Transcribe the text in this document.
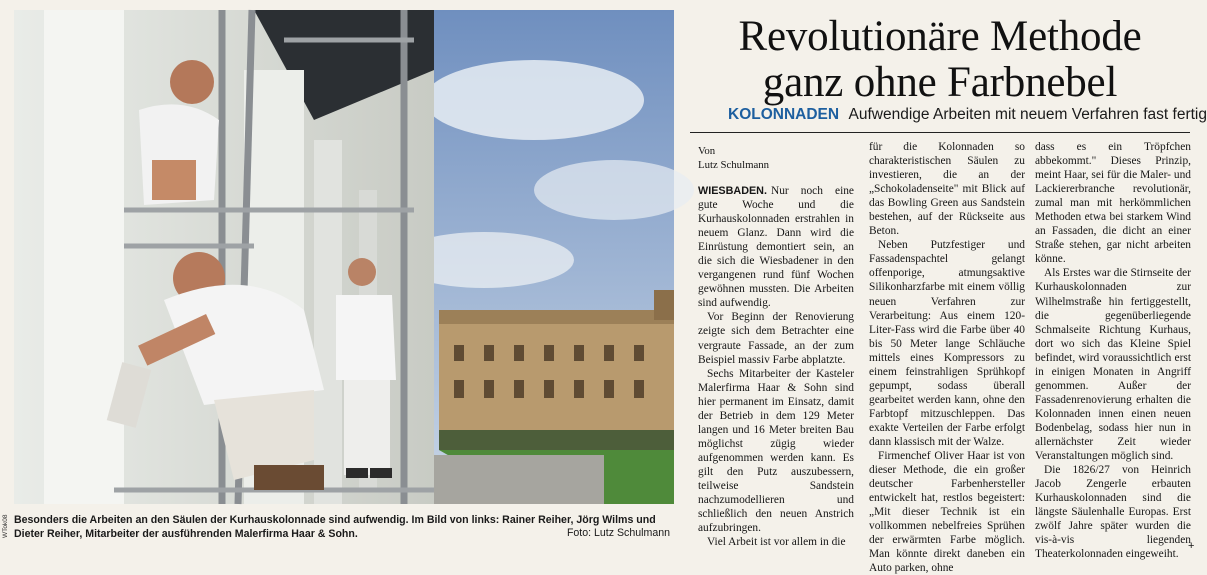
WTok08 Besonders die Arbeiten an den Säulen der Kurhauskolonnade sind aufwendig. Im Bild von links: Rainer Reiher, Jörg Wilms und Dieter Reiher, Mitarbeiter der ausführenden Malerfirma Haar & Sohn.	Foto: Lutz Schulmann
Revolutionäre Methode
ganz ohne Farbnebel
KOLONNADEN Aufwendige Arbeiten mit neuem Verfahren fast fertig

Von
Lutz Schulmann

WIESBADEN. Nur noch eine gute Woche und die Kurhauskolonnaden erstrahlen in neuem Glanz. Dann wird die Einrüstung demontiert sein, an die sich die Wiesbadener in den vergangenen rund fünf Wochen gewöhnen mussten. Die Arbeiten sind aufwendig.

Vor Beginn der Renovierung zeigte sich dem Betrachter eine vergraute Fassade, an der zum Beispiel massiv Farbe abplatzte.

Sechs Mitarbeiter der Kasteler Malerfirma Haar & Sohn sind hier permanent im Einsatz, damit der Betrieb in dem 129 Meter langen und 16 Meter breiten Bau möglichst zügig wieder aufgenommen werden kann. Es gilt den Putz auszubessern, teilweise Sandstein nachzumodellieren und schließlich den neuen Anstrich aufzubringen.

Viel Arbeit ist vor allem in die

für die Kolonnaden so charakteristischen Säulen zu investieren, die an der „Schokoladenseite" mit Blick auf das Bowling Green aus Sandstein bestehen, auf der Rückseite aus Beton.

Neben Putzfestiger und Fassadenspachtel gelangt offenporige, atmungsaktive Silikonharzfarbe mit einem völlig neuen Verfahren zur Verarbeitung: Aus einem 120-Liter-Fass wird die Farbe über 40 bis 50 Meter lange Schläuche mittels eines Kompressors zu einem feinstrahligen Sprühkopf gepumpt, sodass überall gearbeitet werden kann, ohne den Farbtopf mitzuschleppen. Das exakte Verteilen der Farbe erfolgt dann klassisch mit der Walze.

Firmenchef Oliver Haar ist von dieser Methode, die ein großer deutscher Farbenhersteller entwickelt hat, restlos begeistert: „Mit dieser Technik ist ein vollkommen nebelfreies Sprühen der erwärmten Farbe möglich. Man könnte direkt daneben ein Auto parken, ohne

dass es ein Tröpfchen abbekommt." Dieses Prinzip, meint Haar, sei für die Maler- und Lackiererbranche revolutionär, zumal man mit herkömmlichen Methoden etwa bei starkem Wind an Fassaden, die dicht an einer Straße stehen, gar nicht arbeiten könne.

Als Erstes war die Stirnseite der Kurhauskolonnaden zur Wilhelmstraße hin fertiggestellt, die gegenüberliegende Schmalseite Richtung Kurhaus, dort wo sich das Kleine Spiel befindet, wird voraussichtlich erst in einigen Monaten in Angriff genommen. Außer der Fassadenrenovierung erhalten die Kolonnaden innen einen neuen Bodenbelag, sodass hier nun in allernächster Zeit wieder Veranstaltungen möglich sind.

Die 1826/27 von Heinrich Jacob Zengerle erbauten Kurhauskolonnaden sind die längste Säulenhalle Europas. Erst zwölf Jahre später wurden die vis-à-vis liegenden Theaterkolonnaden eingeweiht.

+
